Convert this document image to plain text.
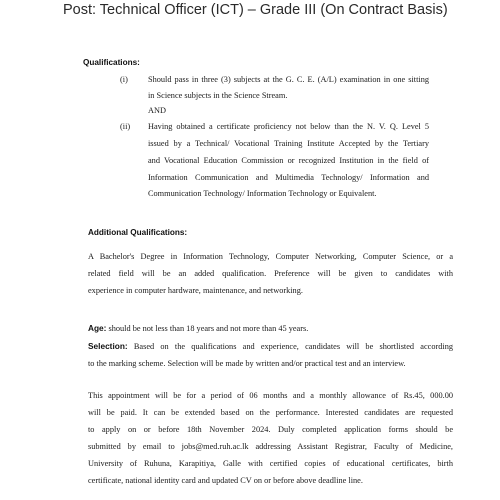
Post: Technical Officer (ICT) – Grade III (On Contract Basis)
Qualifications:
(i) Should pass in three (3) subjects at the G. C. E. (A/L) examination in one sitting
in Science subjects in the Science Stream.
AND
(ii) Having obtained a certificate proficiency not below than the N. V. Q. Level 5
issued by a Technical/ Vocational Training Institute Accepted by the Tertiary
and Vocational Education Commission or recognized Institution in the field of
Information Communication and Multimedia Technology/ Information and
Communication Technology/ Information Technology or Equivalent.
Additional Qualifications:
A Bachelor's Degree in Information Technology, Computer Networking, Computer Science, or a
related field will be an added qualification. Preference will be given to candidates with
experience in computer hardware, maintenance, and networking.
Age: should be not less than 18 years and not more than 45 years.
Selection: Based on the qualifications and experience, candidates will be shortlisted according
to the marking scheme. Selection will be made by written and/or practical test and an interview.
This appointment will be for a period of 06 months and a monthly allowance of Rs.45, 000.00
will be paid. It can be extended based on the performance. Interested candidates are requested
to apply on or before 18th November 2024. Duly completed application forms should be
submitted by email to jobs@med.ruh.ac.lk addressing Assistant Registrar, Faculty of Medicine,
University of Ruhuna, Karapitiya, Galle with certified copies of educational certificates, birth
certificate, national identity card and updated CV on or before above deadline line.
